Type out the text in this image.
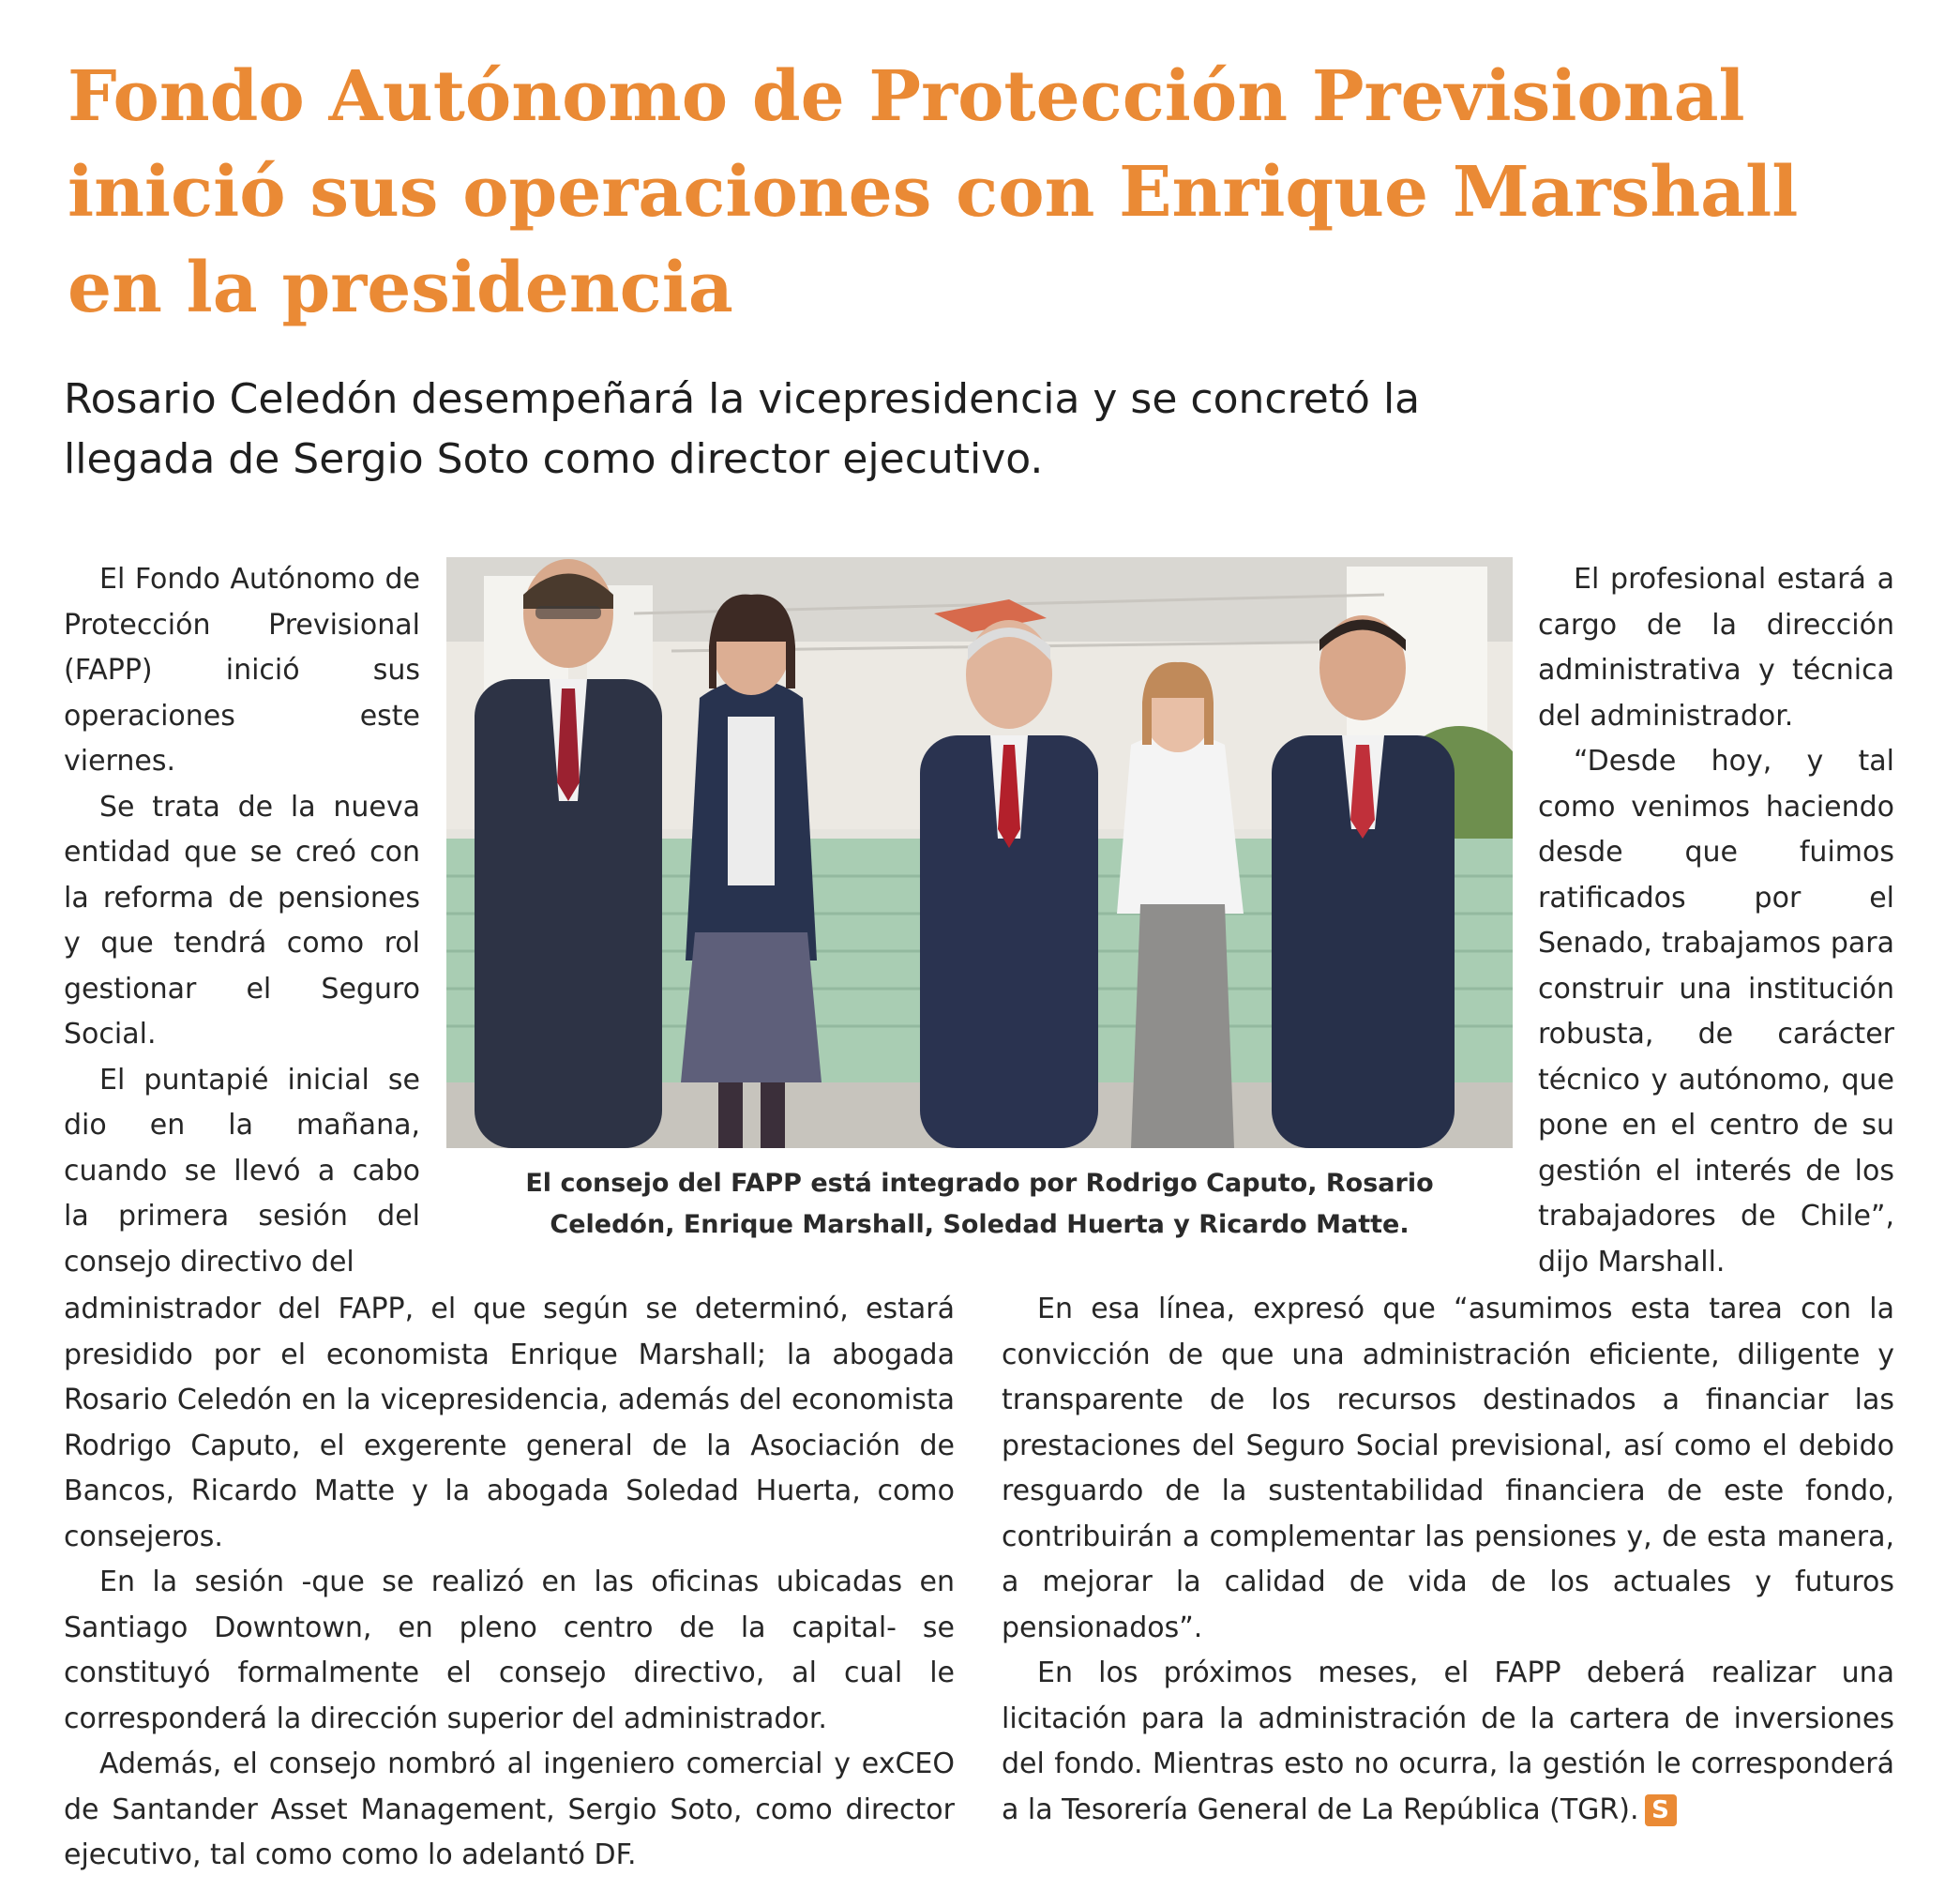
Fondo Autónomo de Protección Previsional
inició sus operaciones con Enrique Marshall
en la presidencia
Rosario Celedón desempeñará la vicepresidencia y se concretó la
llegada de Sergio Soto como director ejecutivo.

El Fondo Autónomo de Protección Previsional (FAPP) inició sus operaciones este viernes.

Se trata de la nueva entidad que se creó con la reforma de pensiones y que tendrá como rol gestionar el Seguro Social.

El puntapié inicial se dio en la mañana, cuando se llevó a cabo la primera sesión del consejo directivo del

El consejo del FAPP está integrado por Rodrigo Caputo, Rosario
Celedón, Enrique Marshall, Soledad Huerta y Ricardo Matte.

El profesional estará a cargo de la dirección administrativa y técnica del administrador.

“Desde hoy, y tal como venimos haciendo desde que fuimos ratificados por el Senado, trabajamos para construir una institución robusta, de carácter técnico y autónomo, que pone en el centro de su gestión el interés de los trabajadores de Chile”, dijo Marshall.

administrador del FAPP, el que según se determinó, estará presidido por el economista Enrique Marshall; la abogada Rosario Celedón en la vicepresidencia, además del economista Rodrigo Caputo, el exgerente general de la Asociación de Bancos, Ricardo Matte y la abogada Soledad Huerta, como consejeros.

En la sesión -que se realizó en las oficinas ubicadas en Santiago Downtown, en pleno centro de la capital- se constituyó formalmente el consejo directivo, al cual le corresponderá la dirección superior del administrador.

Además, el consejo nombró al ingeniero comercial y exCEO de Santander Asset Management, Sergio Soto, como director ejecutivo, tal como como lo adelantó DF.

En esa línea, expresó que “asumimos esta tarea con la convicción de que una administración eficiente, diligente y transparente de los recursos destinados a financiar las prestaciones del Seguro Social previsional, así como el debido resguardo de la sustentabilidad financiera de este fondo, contribuirán a complementar las pensiones y, de esta manera, a mejorar la calidad de vida de los actuales y futuros pensionados”.

En los próximos meses, el FAPP deberá realizar una licitación para la administración de la cartera de inversiones del fondo. Mientras esto no ocurra, la gestión le corresponderá a la Tesorería General de La República (TGR). S
